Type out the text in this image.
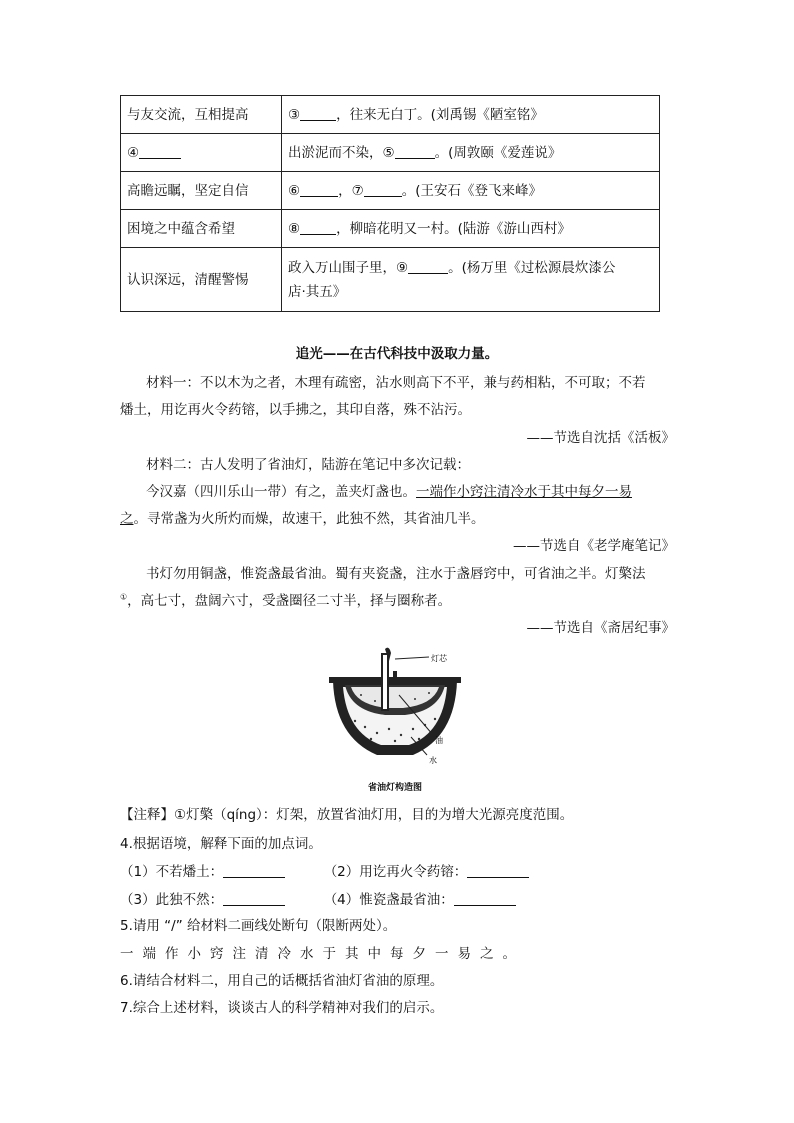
与友交流，互相提高	③ ，往来无白丁。(刘禹锡《陋室铭》
④	出淤泥而不染，⑤ 。(周敦颐《爱莲说》
高瞻远瞩，坚定自信	⑥ ，⑦ 。(王安石《登飞来峰》
困境之中蕴含希望	⑧ ，柳暗花明又一村。(陆游《游山西村》
认识深远，清醒警惕	政入万山围子里，⑨ 。(杨万里《过松源晨炊漆公
店·其五》
追光——在古代科技中汲取力量。
材料一：不以木为之者，木理有疏密，沾水则高下不平，兼与药相粘，不可取；不若
燔土，用讫再火令药镕，以手拂之，其印自落，殊不沾污。
——节选自沈括《活板》
材料二：古人发明了省油灯，陆游在笔记中多次记载：
今汉嘉（四川乐山一带）有之，盖夹灯盏也。一端作小窍注清冷水于其中每夕一易
之。寻常盏为火所灼而燥，故速干，此独不然，其省油几半。
——节选自《老学庵笔记》
书灯勿用铜盏，惟瓷盏最省油。蜀有夹瓷盏，注水于盏唇窍中，可省油之半。灯檠法
①，高七寸，盘阔六寸，受盏圈径二寸半，择与圈称者。
——节选自《斋居纪事》
灯芯
油
水
省油灯构造图
【注释】①灯檠（qíng）：灯架，放置省油灯用，目的为增大光源亮度范围。
4.根据语境，解释下面的加点词。
（1）不若燔土：	（2）用讫再火令药镕：
（3）此独不然：	（4）惟瓷盏最省油：
5.请用 “/” 给材料二画线处断句（限断两处）。
一端作小窍注清冷水于其中每夕一易之。
6.请结合材料二，用自己的话概括省油灯省油的原理。
7.综合上述材料，谈谈古人的科学精神对我们的启示。
